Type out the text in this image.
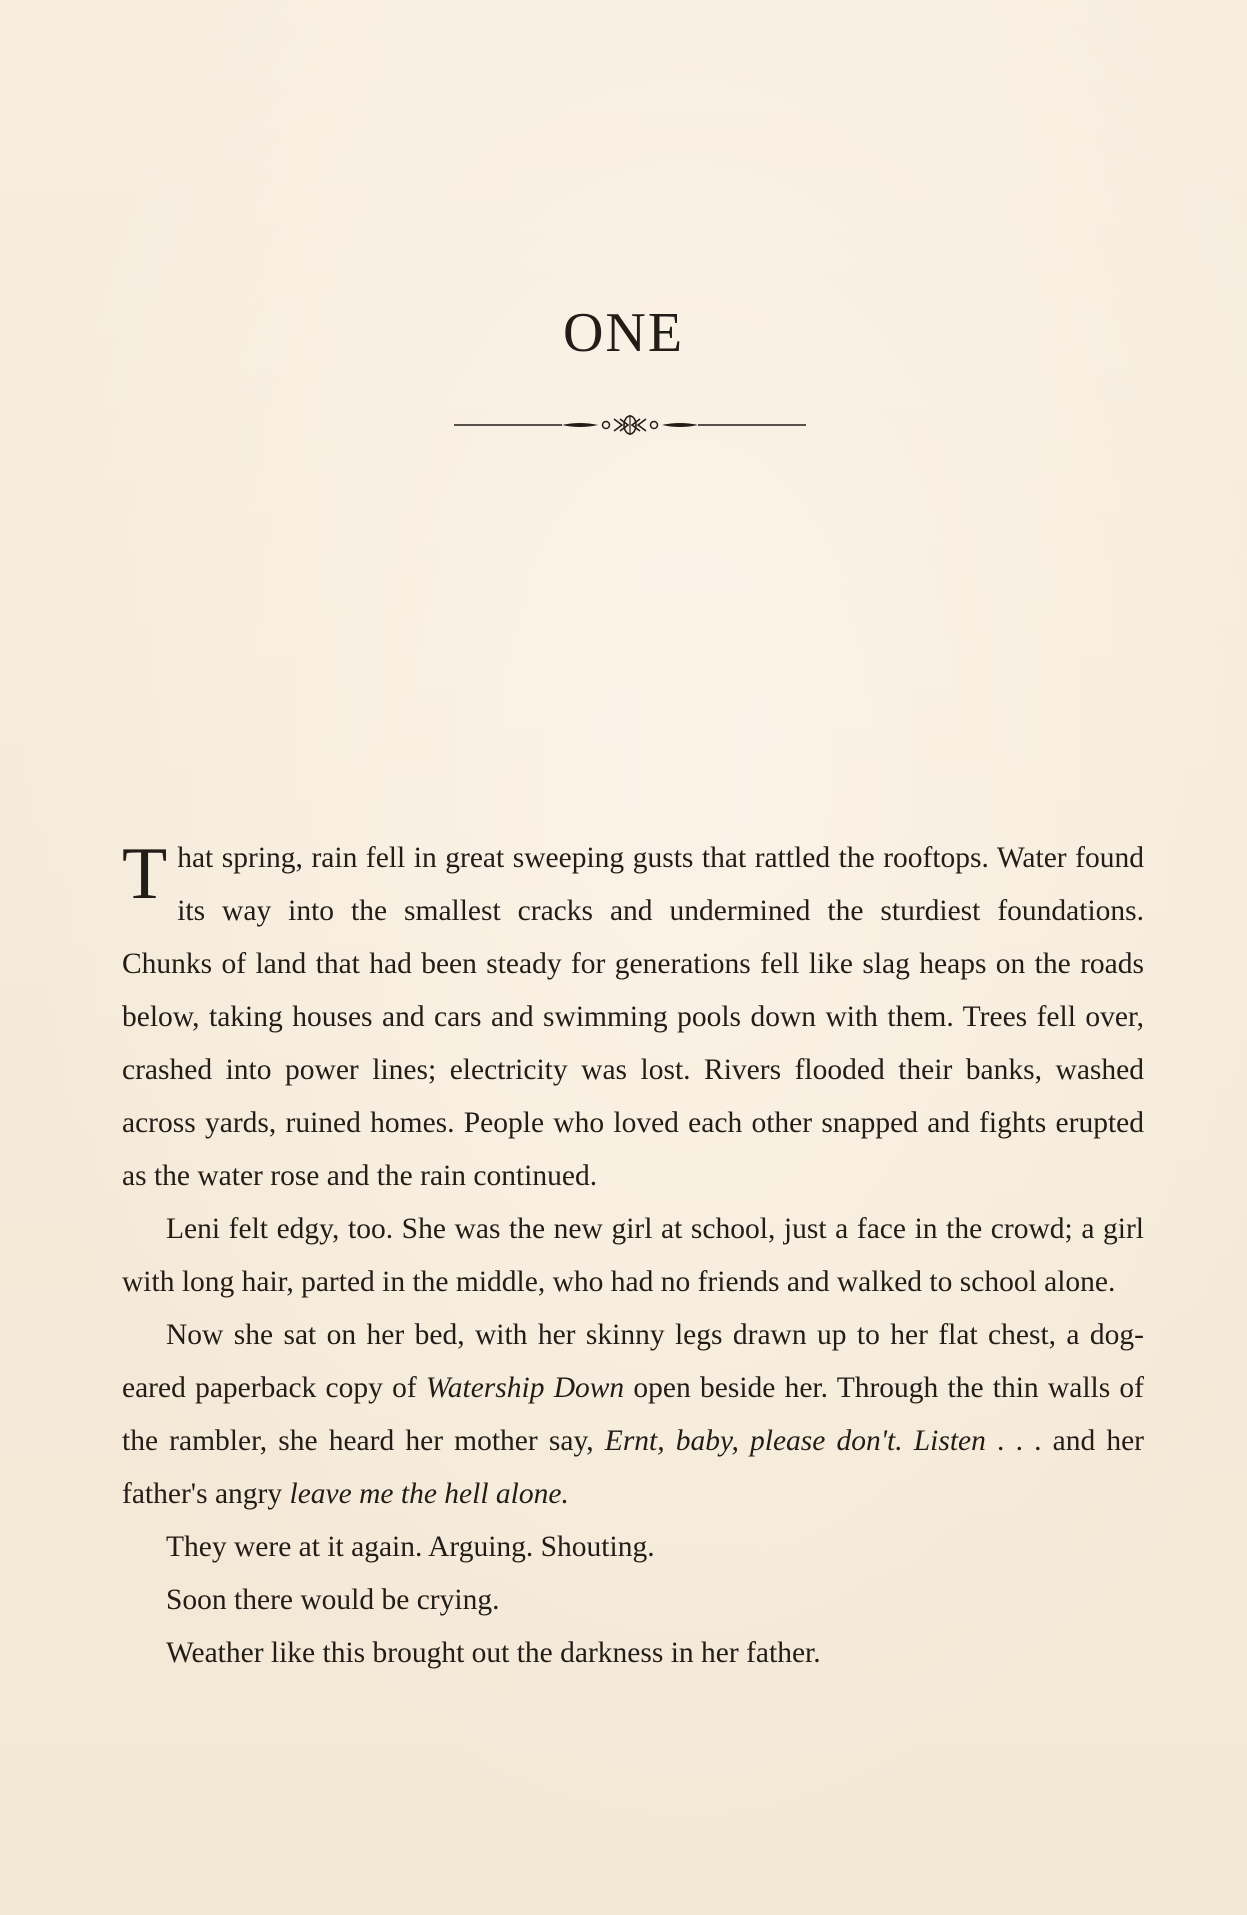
ONE

That spring, rain fell in great sweeping gusts that rattled the rooftops. Water found its way into the smallest cracks and undermined the sturdiest foundations. Chunks of land that had been steady for generations fell like slag heaps on the roads below, taking houses and cars and swimming pools down with them. Trees fell over, crashed into power lines; electricity was lost. Rivers flooded their banks, washed across yards, ruined homes. People who loved each other snapped and fights erupted as the water rose and the rain continued.

Leni felt edgy, too. She was the new girl at school, just a face in the crowd; a girl with long hair, parted in the middle, who had no friends and walked to school alone.

Now she sat on her bed, with her skinny legs drawn up to her flat chest, a dog-eared paperback copy of Watership Down open beside her. Through the thin walls of the rambler, she heard her mother say, Ernt, baby, please don't. Listen . . . and her father's angry leave me the hell alone.

They were at it again. Arguing. Shouting.

Soon there would be crying.

Weather like this brought out the darkness in her father.
